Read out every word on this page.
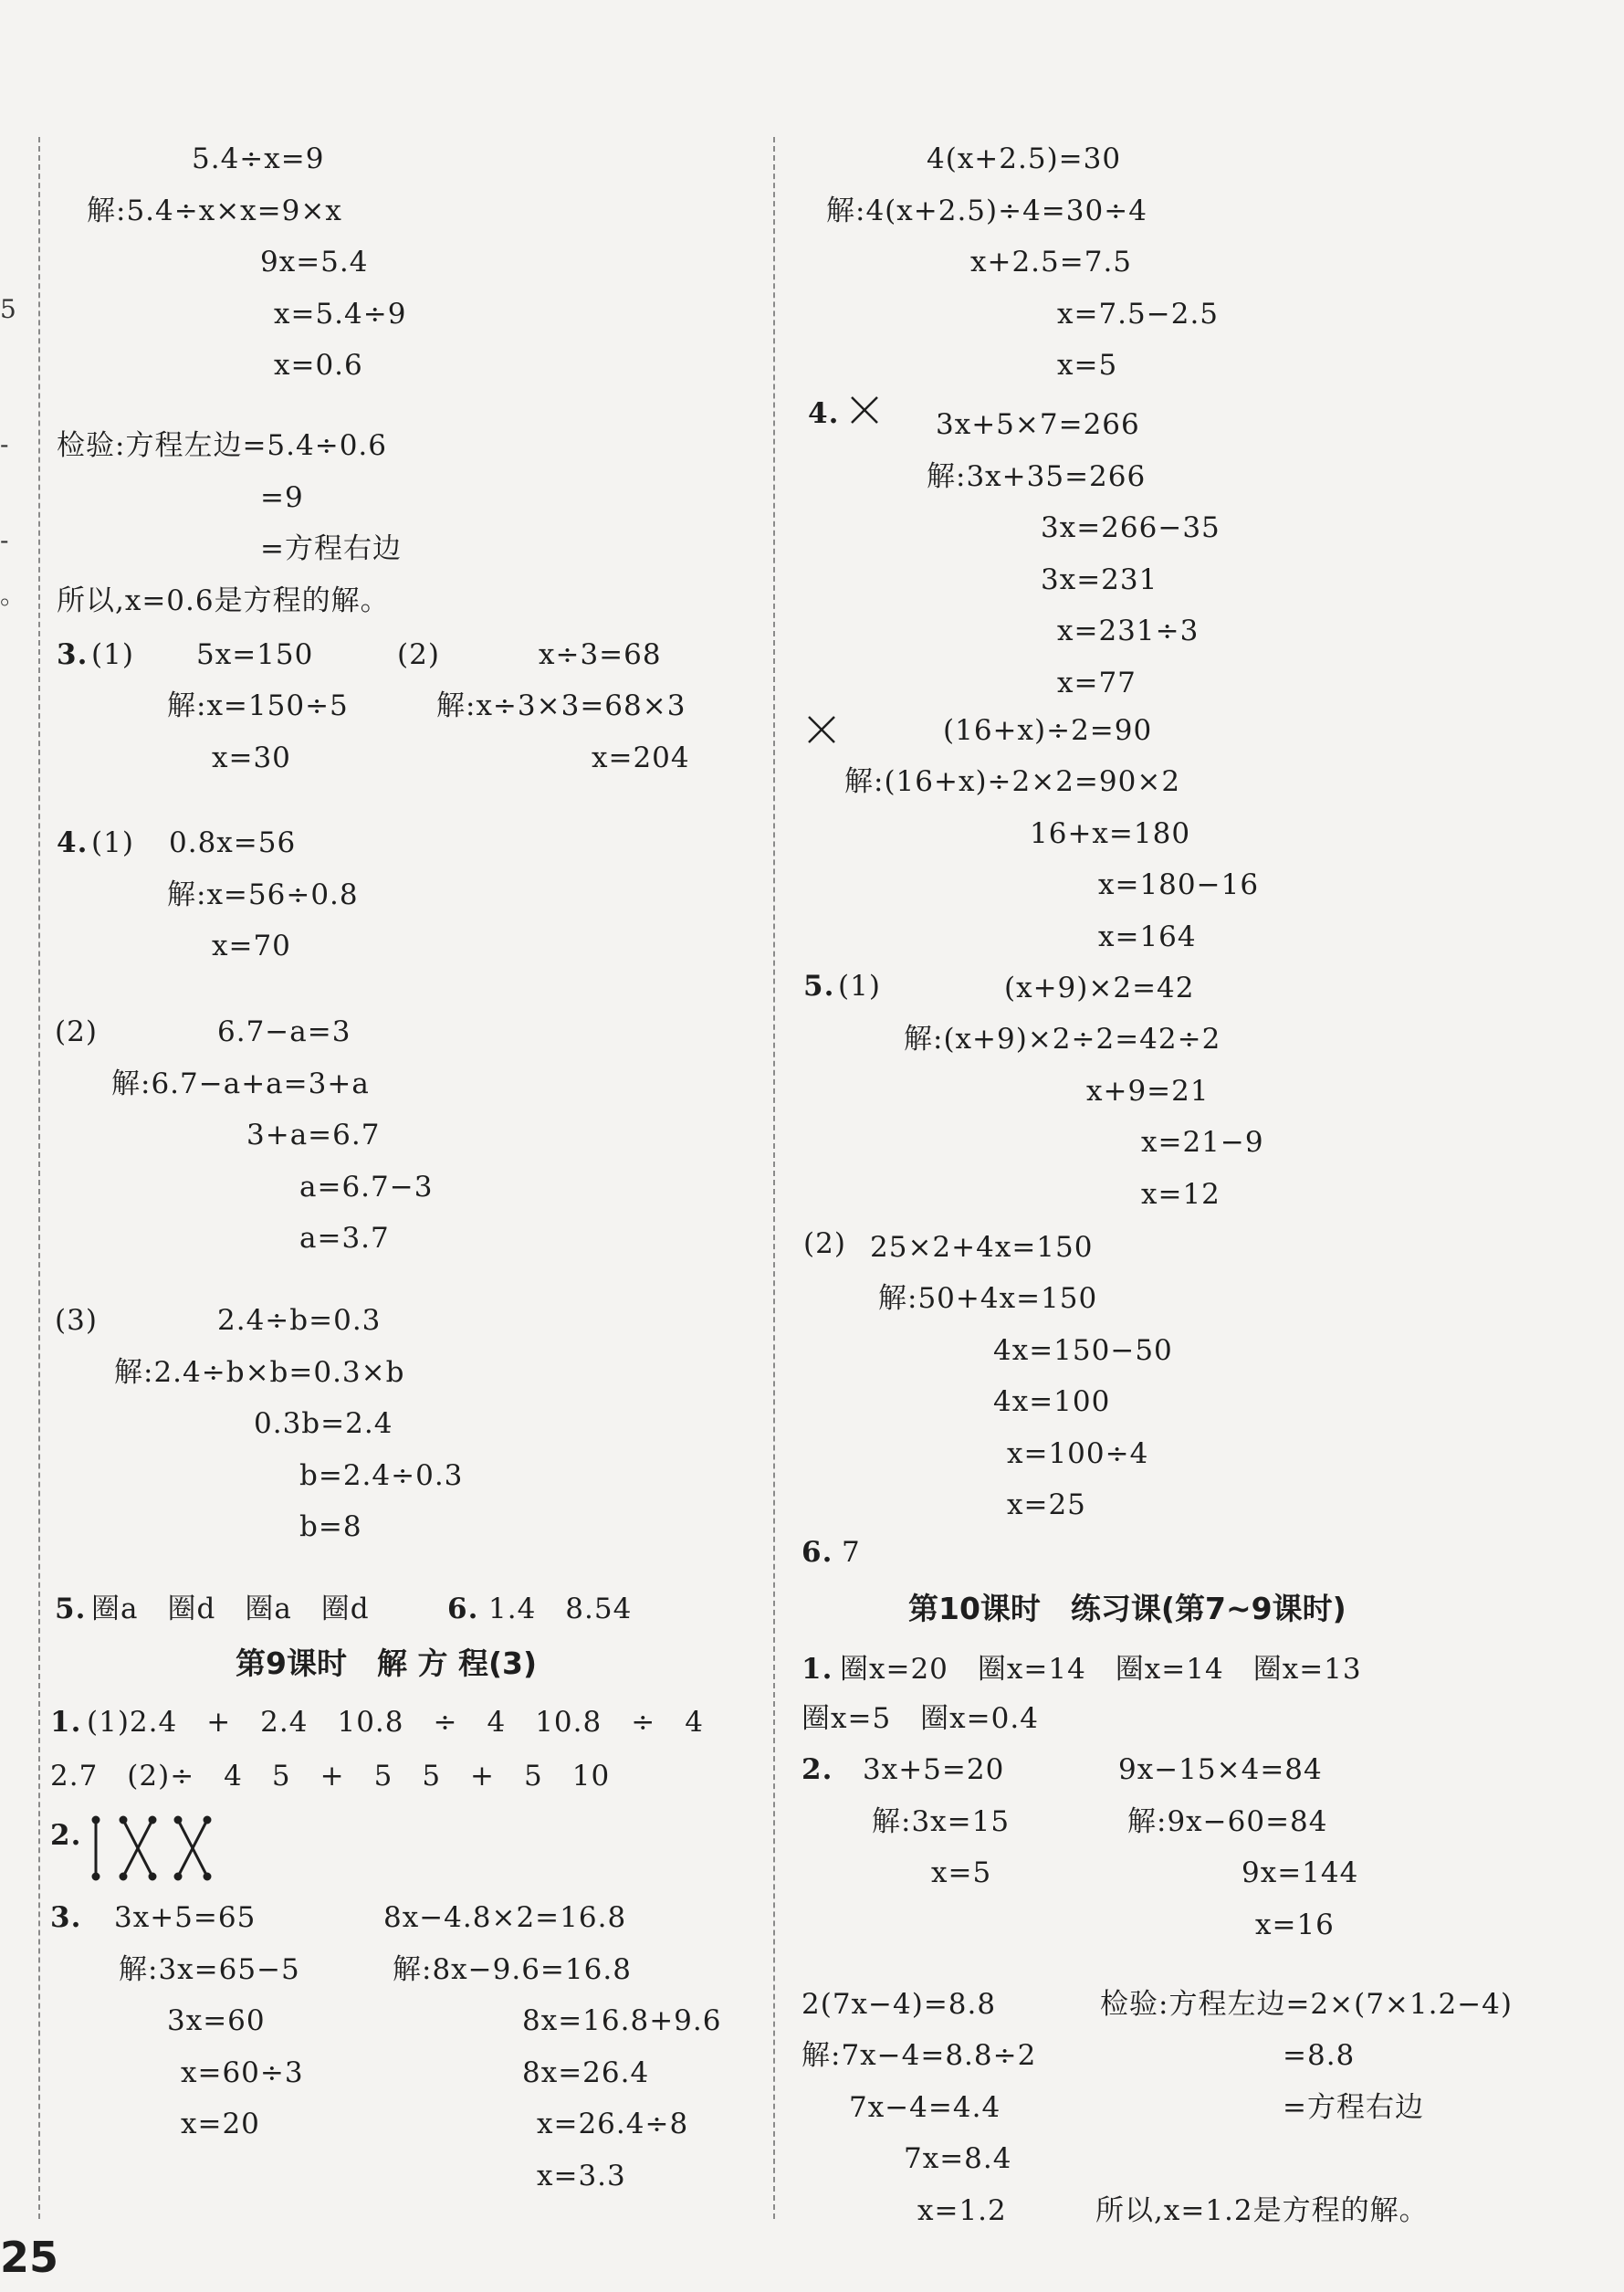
5
-
-
。
5.4÷x=9
解:5.4÷x×x=9×x
9x=5.4
x=5.4÷9
x=0.6
检验:方程左边=5.4÷0.6
=9
=方程右边
所以,x=0.6是方程的解。
3. (1) 5x=150	(2)	x÷3=68
解:x=150÷5	解:x÷3×3=68×3
x=30	x=204
4. (1) 0.8x=56
解:x=56÷0.8
x=70
(2)	6.7−a=3
解:6.7−a+a=3+a
3+a=6.7
a=6.7−3
a=3.7
(3)	2.4÷b=0.3
解:2.4÷b×b=0.3×b
0.3b=2.4
b=2.4÷0.3
b=8
5. 圈a　圈d　圈a　圈d	6. 1.4　8.54
第9课时　解 方 程(3)
1. (1)2.4　+　2.4　10.8　÷　4　10.8　÷　4
2.7　(2)÷　4　5　+　5　5　+　5　10
2.
3. 3x+5=65	8x−4.8×2=16.8
解:3x=65−5	解:8x−9.6=16.8
3x=60	8x=16.8+9.6
x=60÷3	8x=26.4
x=20	x=26.4÷8
x=3.3
4(x+2.5)=30
解:4(x+2.5)÷4=30÷4
x+2.5=7.5
x=7.5−2.5
x=5
4.	3x+5×7=266
解:3x+35=266
3x=266−35
3x=231
x=231÷3
x=77
(16+x)÷2=90
解:(16+x)÷2×2=90×2
16+x=180
x=180−16
x=164
5. (1)	(x+9)×2=42
解:(x+9)×2÷2=42÷2
x+9=21
x=21−9
x=12
(2) 25×2+4x=150
解:50+4x=150
4x=150−50
4x=100
x=100÷4
x=25
6. 7
第10课时　练习课(第7~9课时)
1. 圈x=20　圈x=14　圈x=14　圈x=13
圈x=5　圈x=0.4
2. 3x+5=20	9x−15×4=84
解:3x=15	解:9x−60=84
x=5	9x=144
x=16
2(7x−4)=8.8	检验:方程左边=2×(7×1.2−4)
解:7x−4=8.8÷2	=8.8
7x−4=4.4	=方程右边
7x=8.4
x=1.2	所以,x=1.2是方程的解。
25
